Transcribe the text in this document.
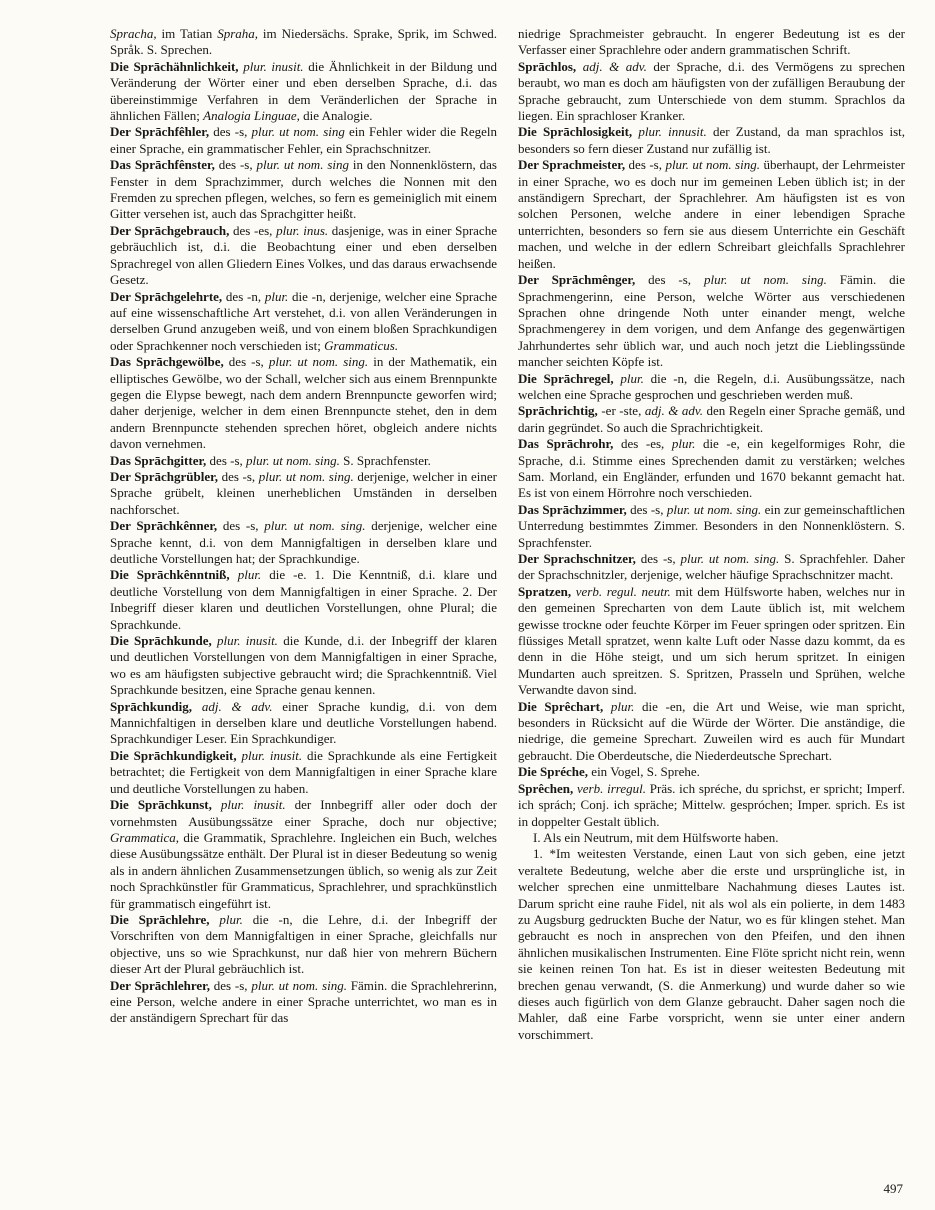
Spracha, im Tatian Spraha, im Niedersächs. Sprake, Sprik, im Schwed. Språk. S. Sprechen.

Die Sprāchähnlichkeit, plur. inusit. die Ähnlichkeit in der Bildung und Veränderung der Wörter einer und eben derselben Sprache, d.i. das übereinstimmige Verfahren in dem Veränderlichen der Sprache in ähnlichen Fällen; Analogia Linguae, die Analogie.

Der Sprāchfêhler, des -s, plur. ut nom. sing ein Fehler wider die Regeln einer Sprache, ein grammatischer Fehler, ein Sprachschnitzer.

Das Sprāchfênster, des -s, plur. ut nom. sing in den Nonnenklöstern, das Fenster in dem Sprachzimmer, durch welches die Nonnen mit den Fremden zu sprechen pflegen, welches, so fern es gemeiniglich mit einem Gitter versehen ist, auch das Sprachgitter heißt.

Der Sprāchgebrauch, des -es, plur. inus. dasjenige, was in einer Sprache gebräuchlich ist, d.i. die Beobachtung einer und eben derselben Sprachregel von allen Gliedern Eines Volkes, und das daraus erwachsende Gesetz.

Der Sprāchgelehrte, des -n, plur. die -n, derjenige, welcher eine Sprache auf eine wissenschaftliche Art verstehet, d.i. von allen Veränderungen in derselben Grund anzugeben weiß, und von einem bloßen Sprachkundigen oder Sprachkenner noch verschieden ist; Grammaticus.

Das Sprāchgewölbe, des -s, plur. ut nom. sing. in der Mathematik, ein elliptisches Gewölbe, wo der Schall, welcher sich aus einem Brennpunkte gegen die Elypse bewegt, nach dem andern Brennpuncte geworfen wird; daher derjenige, welcher in dem einen Brennpuncte stehet, den in dem andern Brennpuncte stehenden sprechen höret, obgleich andere nichts davon vernehmen.

Das Sprāchgitter, des -s, plur. ut nom. sing. S. Sprachfenster.

Der Sprāchgrübler, des -s, plur. ut nom. sing. derjenige, welcher in einer Sprache grübelt, kleinen unerheblichen Umständen in derselben nachforschet.

Der Sprāchkênner, des -s, plur. ut nom. sing. derjenige, welcher eine Sprache kennt, d.i. von dem Mannigfaltigen in derselben klare und deutliche Vorstellungen hat; der Sprachkundige.

Die Sprāchkênntniß, plur. die -e. 1. Die Kenntniß, d.i. klare und deutliche Vorstellung von dem Mannigfaltigen in einer Sprache. 2. Der Inbegriff dieser klaren und deutlichen Vorstellungen, ohne Plural; die Sprachkunde.

Die Sprāchkunde, plur. inusit. die Kunde, d.i. der Inbegriff der klaren und deutlichen Vorstellungen von dem Mannigfaltigen in einer Sprache, wo es am häufigsten subjective gebraucht wird; die Sprachkenntniß. Viel Sprachkunde besitzen, eine Sprache genau kennen.

Sprāchkundig, adj. & adv. einer Sprache kundig, d.i. von dem Mannichfaltigen in derselben klare und deutliche Vorstellungen habend. Sprachkundiger Leser. Ein Sprachkundiger.

Die Sprāchkundigkeit, plur. inusit. die Sprachkunde als eine Fertigkeit betrachtet; die Fertigkeit von dem Mannigfaltigen in einer Sprache klare und deutliche Vorstellungen zu haben.

Die Sprāchkunst, plur. inusit. der Innbegriff aller oder doch der vornehmsten Ausübungssätze einer Sprache, doch nur objective; Grammatica, die Grammatik, Sprachlehre. Ingleichen ein Buch, welches diese Ausübungssätze enthält. Der Plural ist in dieser Bedeutung so wenig als in andern ähnlichen Zusammensetzungen üblich, so wenig als zur Zeit noch Sprachkünstler für Grammaticus, Sprachlehrer, und sprachkünstlich für grammatisch eingeführt ist.

Die Sprāchlehre, plur. die -n, die Lehre, d.i. der Inbegriff der Vorschriften von dem Mannigfaltigen in einer Sprache, gleichfalls nur objective, uns so wie Sprachkunst, nur daß hier von mehrern Büchern dieser Art der Plural gebräuchlich ist.

Der Sprāchlehrer, des -s, plur. ut nom. sing. Fämin. die Sprachlehrerinn, eine Person, welche andere in einer Sprache unterrichtet, wo man es in der anständigern Sprechart für das

niedrige Sprachmeister gebraucht. In engerer Bedeutung ist es der Verfasser einer Sprachlehre oder andern grammatischen Schrift.

Sprāchlos, adj. & adv. der Sprache, d.i. des Vermögens zu sprechen beraubt, wo man es doch am häufigsten von der zufälligen Beraubung der Sprache gebraucht, zum Unterschiede von dem stumm. Sprachlos da liegen. Ein sprachloser Kranker.

Die Sprāchlosigkeit, plur. innusit. der Zustand, da man sprachlos ist, besonders so fern dieser Zustand nur zufällig ist.

Der Sprachmeister, des -s, plur. ut nom. sing. überhaupt, der Lehrmeister in einer Sprache, wo es doch nur im gemeinen Leben üblich ist; in der anständigern Sprechart, der Sprachlehrer. Am häufigsten ist es von solchen Personen, welche andere in einer lebendigen Sprache unterrichten, besonders so fern sie aus diesem Unterrichte ein Geschäft machen, und welche in der edlern Schreibart gleichfalls Sprachlehrer heißen.

Der Sprāchmênger, des -s, plur. ut nom. sing. Fämin. die Sprachmengerinn, eine Person, welche Wörter aus verschiedenen Sprachen ohne dringende Noth unter einander mengt, welche Sprachmengerey in dem vorigen, und dem Anfange des gegenwärtigen Jahrhundertes sehr üblich war, und auch noch jetzt die Lieblingssünde mancher seichten Köpfe ist.

Die Sprāchregel, plur. die -n, die Regeln, d.i. Ausübungssätze, nach welchen eine Sprache gesprochen und geschrieben werden muß.

Sprāchrichtig, -er -ste, adj. & adv. den Regeln einer Sprache gemäß, und darin gegründet. So auch die Sprachrichtigkeit.

Das Sprāchrohr, des -es, plur. die -e, ein kegelformiges Rohr, die Sprache, d.i. Stimme eines Sprechenden damit zu verstärken; welches Sam. Morland, ein Engländer, erfunden und 1670 bekannt gemacht hat. Es ist von einem Hörrohre noch verschieden.

Das Sprāchzimmer, des -s, plur. ut nom. sing. ein zur gemeinschaftlichen Unterredung bestimmtes Zimmer. Besonders in den Nonnenklöstern. S. Sprachfenster.

Der Sprachschnitzer, des -s, plur. ut nom. sing. S. Sprachfehler. Daher der Sprachschnitzler, derjenige, welcher häufige Sprachschnitzer macht.

Spratzen, verb. regul. neutr. mit dem Hülfsworte haben, welches nur in den gemeinen Sprecharten von dem Laute üblich ist, mit welchem gewisse trockne oder feuchte Körper im Feuer springen oder spritzen. Ein flüssiges Metall spratzet, wenn kalte Luft oder Nasse dazu kommt, da es denn in die Höhe steigt, und um sich herum spritzet. In einigen Mundarten auch spreitzen. S. Spritzen, Prasseln und Sprühen, welche Verwandte davon sind.

Die Sprêchart, plur. die -en, die Art und Weise, wie man spricht, besonders in Rücksicht auf die Würde der Wörter. Die anständige, die niedrige, die gemeine Sprechart. Zuweilen wird es auch für Mundart gebraucht. Die Oberdeutsche, die Niederdeutsche Sprechart.

Die Spréche, ein Vogel, S. Sprehe.

Sprêchen, verb. irregul. Präs. ich spréche, du sprichst, er spricht; Imperf. ich sprách; Conj. ich spräche; Mittelw. gespróchen; Imper. sprich. Es ist in doppelter Gestalt üblich.

I. Als ein Neutrum, mit dem Hülfsworte haben.

1. *Im weitesten Verstande, einen Laut von sich geben, eine jetzt veraltete Bedeutung, welche aber die erste und ursprüngliche ist, in welcher sprechen eine unmittelbare Nachahmung dieses Lautes ist. Darum spricht eine rauhe Fidel, nit als wol als ein polierte, in dem 1483 zu Augsburg gedruckten Buche der Natur, wo es für klingen stehet. Man gebraucht es noch in ansprechen von den Pfeifen, und den ihnen ähnlichen musikalischen Instrumenten. Eine Flöte spricht nicht rein, wenn sie keinen reinen Ton hat. Es ist in dieser weitesten Bedeutung mit brechen genau verwandt, (S. die Anmerkung) und wurde daher so wie dieses auch figürlich von dem Glanze gebraucht. Daher sagen noch die Mahler, daß eine Farbe vorspricht, wenn sie unter einer andern vorschimmert.

497
